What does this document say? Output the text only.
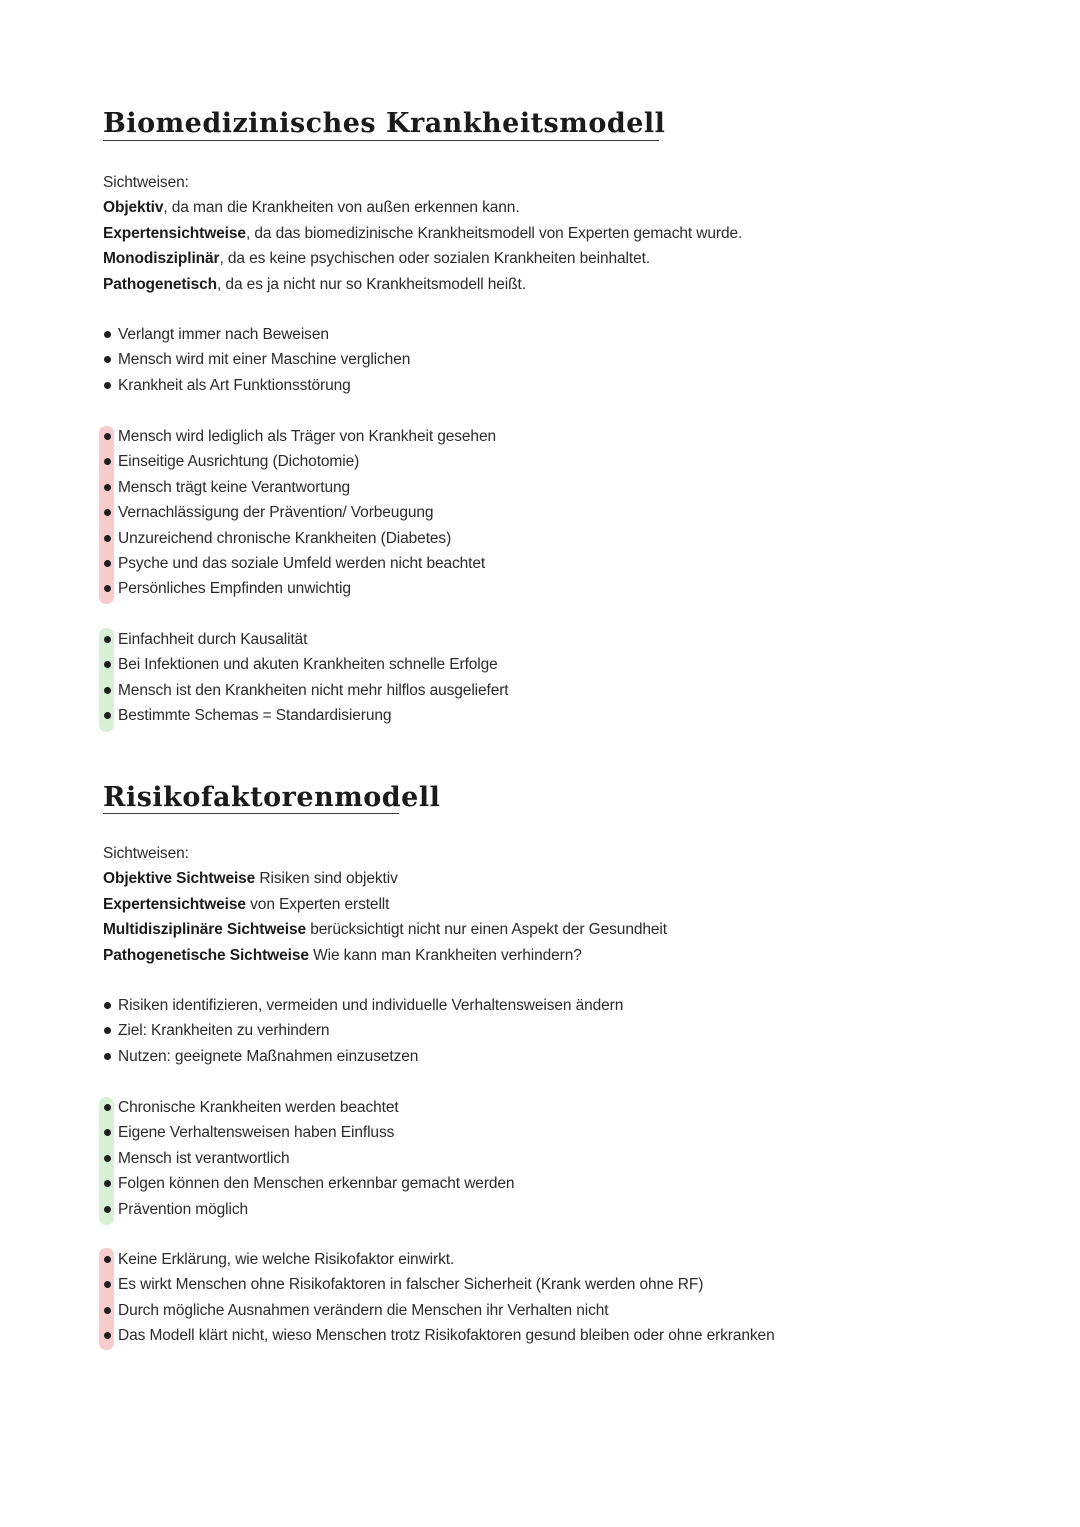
Biomedizinisches Krankheitsmodell
Sichtweisen:
Objektiv, da man die Krankheiten von außen erkennen kann.
Expertensichtweise, da das biomedizinische Krankheitsmodell von Experten gemacht wurde.
Monodisziplinär, da es keine psychischen oder sozialen Krankheiten beinhaltet.
Pathogenetisch, da es ja nicht nur so Krankheitsmodell heißt.
Verlangt immer nach Beweisen
Mensch wird mit einer Maschine verglichen
Krankheit als Art Funktionsstörung
Mensch wird lediglich als Träger von Krankheit gesehen
Einseitige Ausrichtung (Dichotomie)
Mensch trägt keine Verantwortung
Vernachlässigung der Prävention/ Vorbeugung
Unzureichend chronische Krankheiten (Diabetes)
Psyche und das soziale Umfeld werden nicht beachtet
Persönliches Empfinden unwichtig
Einfachheit durch Kausalität
Bei Infektionen und akuten Krankheiten schnelle Erfolge
Mensch ist den Krankheiten nicht mehr hilflos ausgeliefert
Bestimmte Schemas = Standardisierung
Risikofaktorenmodell
Sichtweisen:
Objektive Sichtweise Risiken sind objektiv
Expertensichtweise von Experten erstellt
Multidisziplinäre Sichtweise berücksichtigt nicht nur einen Aspekt der Gesundheit
Pathogenetische Sichtweise Wie kann man Krankheiten verhindern?
Risiken identifizieren, vermeiden und individuelle Verhaltensweisen ändern
Ziel: Krankheiten zu verhindern
Nutzen: geeignete Maßnahmen einzusetzen
Chronische Krankheiten werden beachtet
Eigene Verhaltensweisen haben Einfluss
Mensch ist verantwortlich
Folgen können den Menschen erkennbar gemacht werden
Prävention möglich
Keine Erklärung, wie welche Risikofaktor einwirkt.
Es wirkt Menschen ohne Risikofaktoren in falscher Sicherheit (Krank werden ohne RF)
Durch mögliche Ausnahmen verändern die Menschen ihr Verhalten nicht
Das Modell klärt nicht, wieso Menschen trotz Risikofaktoren gesund bleiben oder ohne erkranken
